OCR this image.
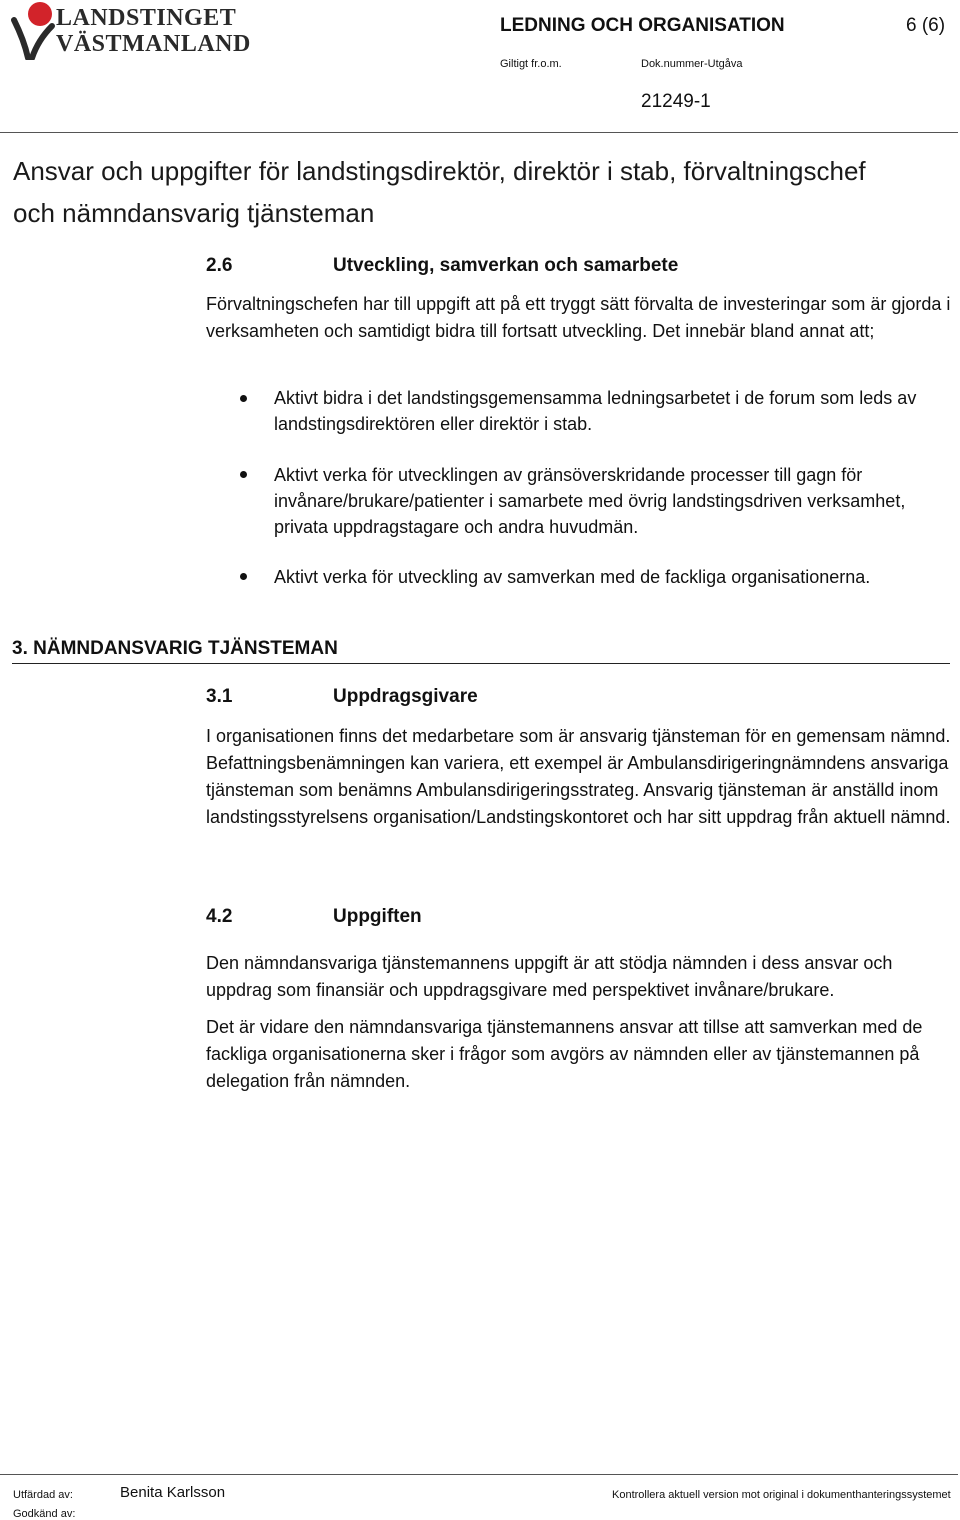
LANDSTINGET
VÄSTMANLAND
LEDNING OCH ORGANISATION	6 (6)
Giltigt fr.o.m.	Dok.nummer-Utgåva
21249-1
Ansvar och uppgifter för landstingsdirektör, direktör i stab, förvaltningschef och nämndansvarig tjänsteman
2.6	Utveckling, samverkan och samarbete
Förvaltningschefen har till uppgift att på ett tryggt sätt förvalta de investeringar som är gjorda i verksamheten och samtidigt bidra till fortsatt utveckling. Det innebär bland annat att;
Aktivt bidra i det landstingsgemensamma ledningsarbetet i de forum som leds av landstingsdirektören eller direktör i stab.
Aktivt verka för utvecklingen av gränsöverskridande processer till gagn för invånare/brukare/patienter i samarbete med övrig landstingsdriven verksamhet, privata uppdragstagare och andra huvudmän.
Aktivt verka för utveckling av samverkan med de fackliga organisationerna.
3. NÄMNDANSVARIG TJÄNSTEMAN
3.1	Uppdragsgivare
I organisationen finns det medarbetare som är ansvarig tjänsteman för en gemensam nämnd. Befattningsbenämningen kan variera, ett exempel är Ambulansdirigeringnämndens ansvariga tjänsteman som benämns Ambulansdirigeringsstrateg. Ansvarig tjänsteman är anställd inom landstingsstyrelsens organisation/Landstingskontoret och har sitt uppdrag från aktuell nämnd.
4.2	Uppgiften
Den nämndansvariga tjänstemannens uppgift är att stödja nämnden i dess ansvar och uppdrag som finansiär och uppdragsgivare med perspektivet invånare/brukare.
Det är vidare den nämndansvariga tjänstemannens ansvar att tillse att samverkan med de fackliga organisationerna sker i frågor som avgörs av nämnden eller av tjänstemannen på delegation från nämnden.
Utfärdad av:	Benita Karlsson
Godkänd av:
Kontrollera aktuell version mot original i dokumenthanteringssystemet
